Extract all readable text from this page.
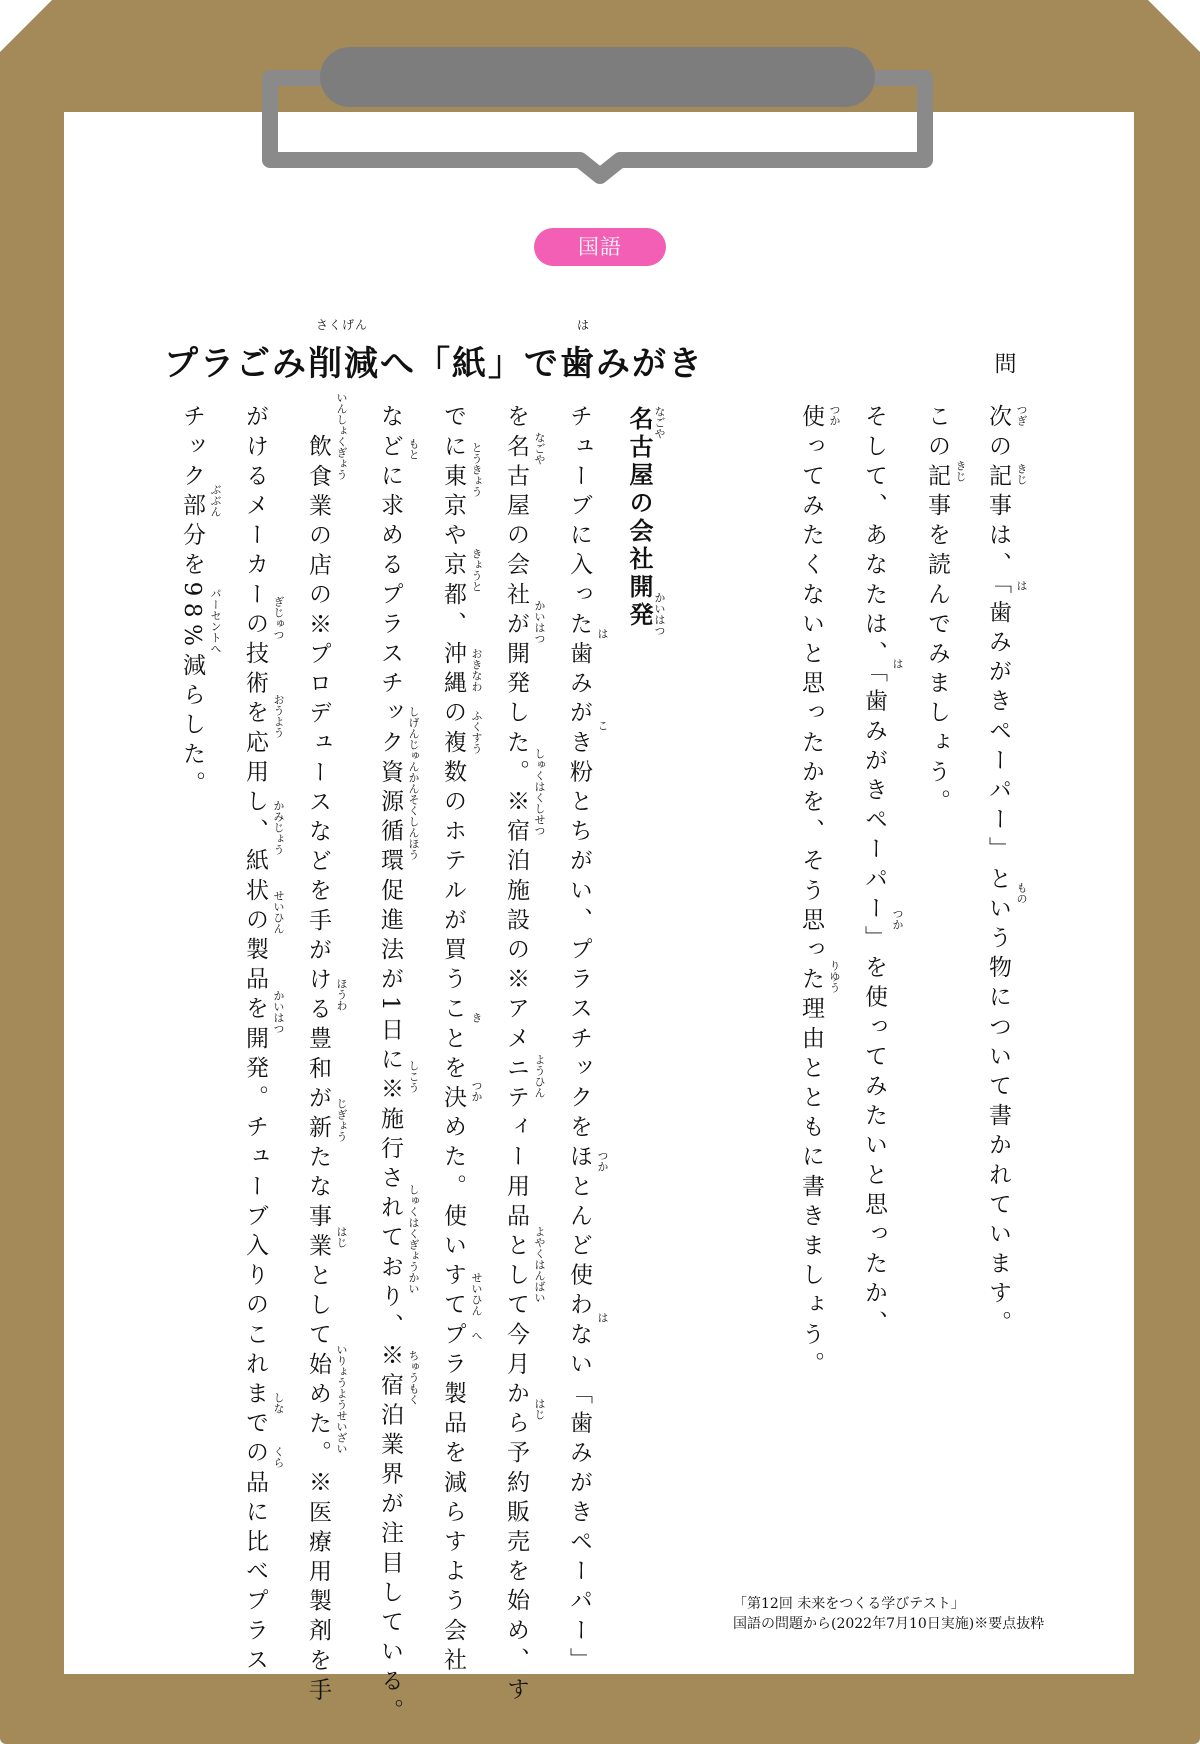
国語
プラごみ削減へ「紙」で歯みがき
さくげん	は
問
次の記事は、「歯みがきペーパー」という物について書かれています。
この記事を読んでみましょう。
そして、あなたは、「歯みがきペーパー」を使ってみたいと思ったか、
使ってみたくないと思ったかを、そう思った理由とともに書きましょう。	つぎ
きじ
は
もの
きじ
は
つか
つか
りゆう
名古屋の会社開発 なごや
かいはつ
チューブに入った歯みがき粉とちがい、プラスチックをほとんど使わない「歯みがきペーパー」
を名古屋の会社が開発した。※宿泊施設の※アメニティー用品として今月から予約販売を始め、す
でに東京や京都、沖縄の複数のホテルが買うことを決めた。使いすてプラ製品を減らすよう会社
などに求めるプラスチック資源循環促進法が1日に※施行されており、※宿泊業界が注目している。
飲食業の店の※プロデュースなどを手がける豊和が新たな事業として始めた。※医療用製剤を手
がけるメーカーの技術を応用し、紙状の製品を開発。チューブ入りのこれまでの品に比べプラス
チック部分を98%減らした。	は
こ
つか
は
なごや
かいはつ
しゅくはくしせつ
ようひん
よやくはんばい
はじ
とうきょう
きょうと
おきなわ
ふくすう
き
つか
せいひん
へ
もと
しげんじゅんかんそくしんほう
しこう
しゅくはくぎょうかい
ちゅうもく
いんしょくぎょう
ほうわ
じぎょう
はじ
いりょうようせいざい
ぎじゅつ
おうよう
かみじょう
せいひん
かいはつ
しな
くら
ぶぶん
パーセントへ
「第12回 未来をつくる学びテスト」
国語の問題から(2022年7月10日実施)※要点抜粋
